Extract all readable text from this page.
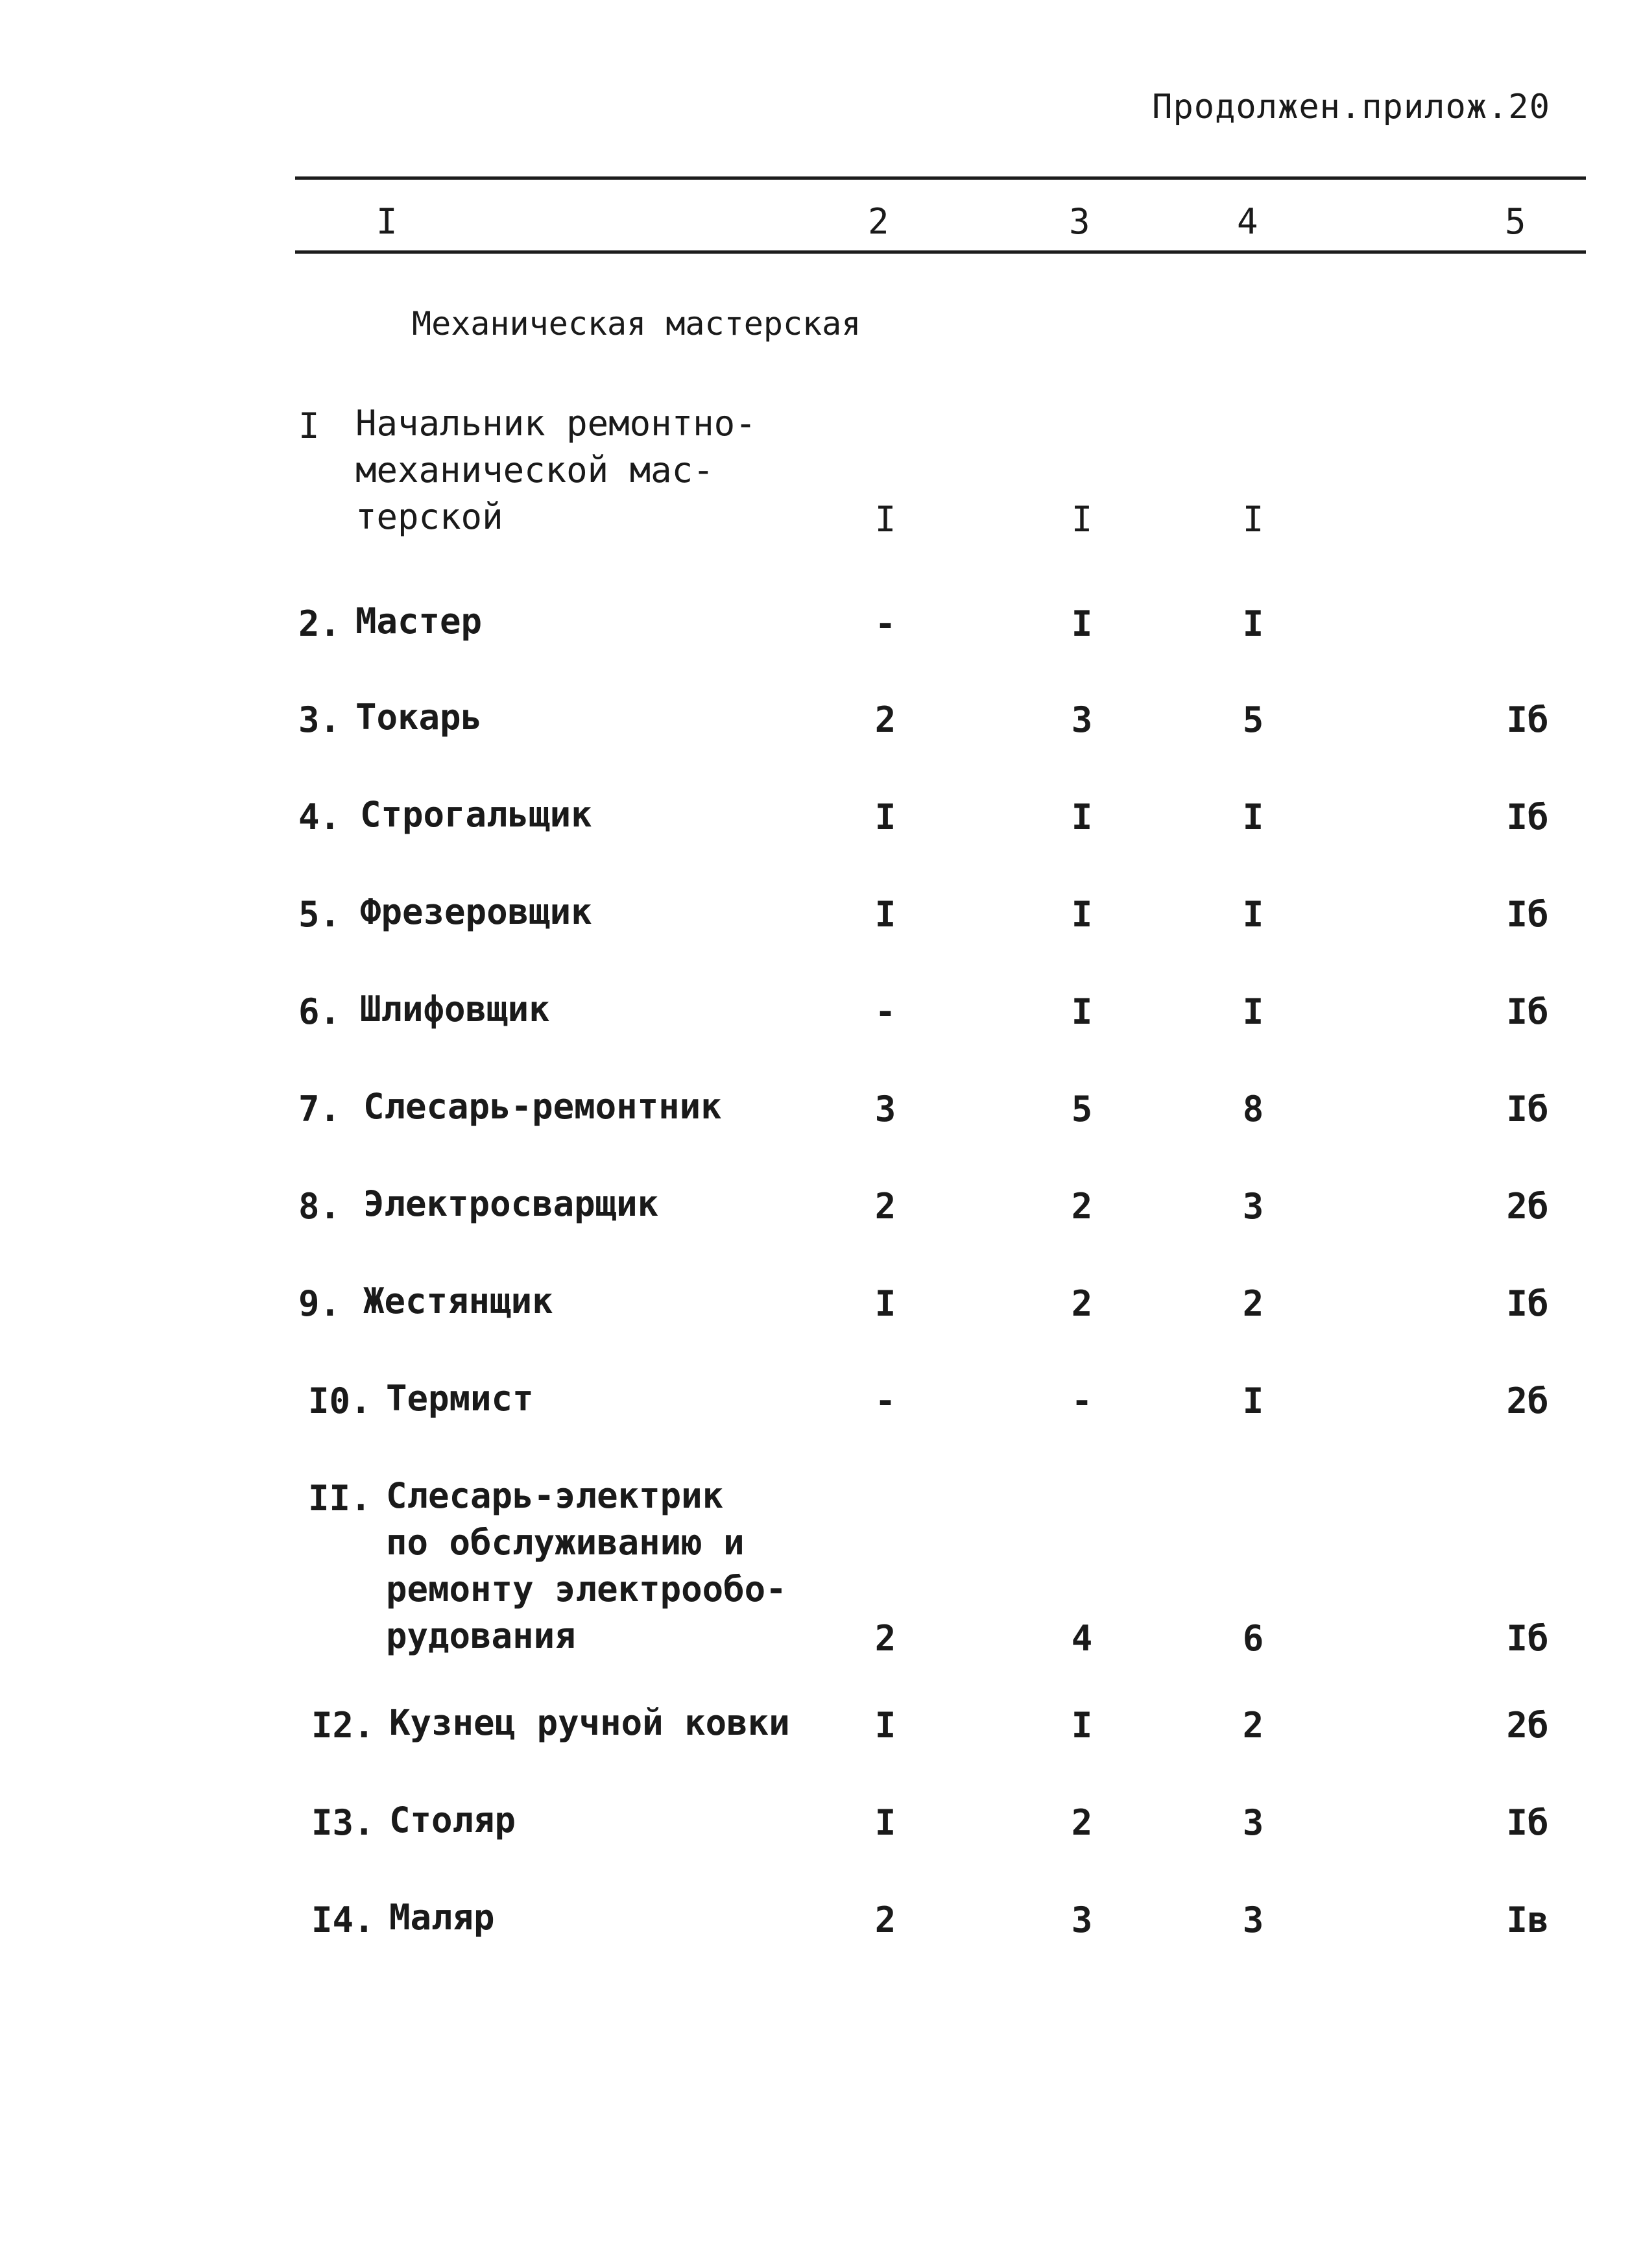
Продолжен.прилож.20
I	2	3	4	5
Механическая мастерская
I Начальник ремонтно-
механической мас-
терской	I	I	I
2. Мастер	-	I	I
3. Токарь	2	3	5	Iб
4. Строгальщик	I	I	I	Iб
5. Фрезеровщик	I	I	I	Iб
6. Шлифовщик	-	I	I	Iб
7. Слесарь-ремонтник	3	5	8	Iб
8. Электросварщик	2	2	3	2б
9. Жестянщик	I	2	2	Iб
I0. Термист	-	-	I	2б
II. Слесарь-электрик
по обслуживанию и
ремонту электрообо-
рудования	2	4	6	Iб
I2. Кузнец ручной ковки	I	I	2	2б
I3. Столяр	I	2	3	Iб
I4. Маляр	2	3	3	Iв
